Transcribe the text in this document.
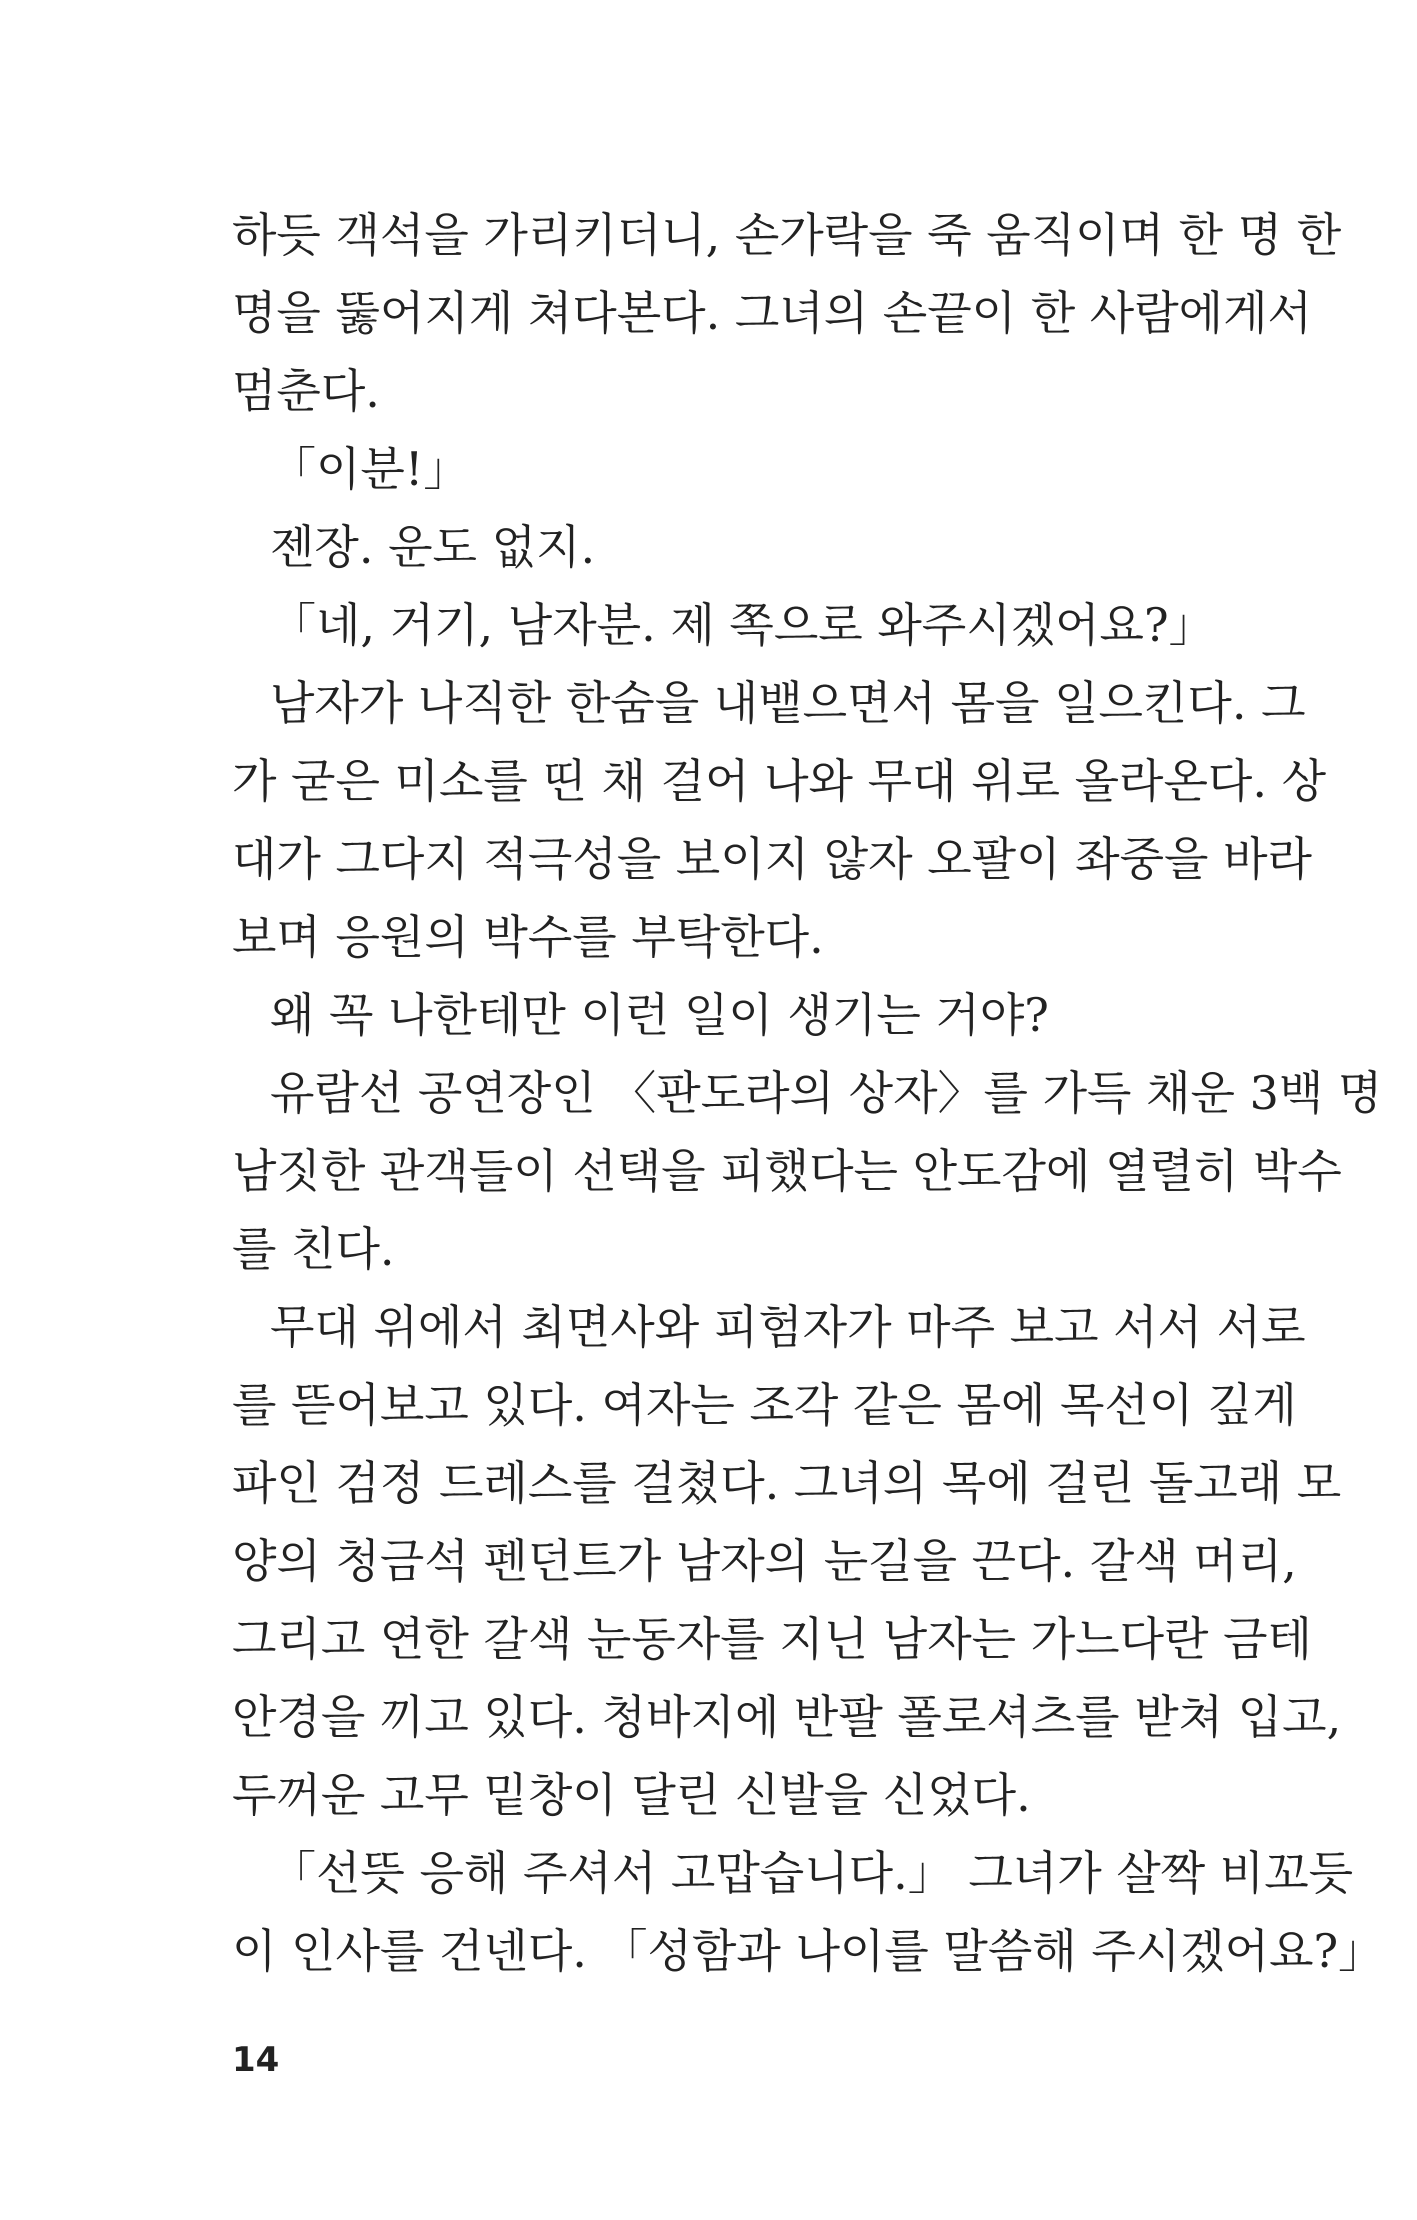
하듯 객석을 가리키더니, 손가락을 죽 움직이며 한 명 한
명을 뚫어지게 쳐다본다. 그녀의 손끝이 한 사람에게서
멈춘다.
「이분!」
젠장. 운도 없지.
「네, 거기, 남자분. 제 쪽으로 와주시겠어요?」
남자가 나직한 한숨을 내뱉으면서 몸을 일으킨다. 그
가 굳은 미소를 띤 채 걸어 나와 무대 위로 올라온다. 상
대가 그다지 적극성을 보이지 않자 오팔이 좌중을 바라
보며 응원의 박수를 부탁한다.
왜 꼭 나한테만 이런 일이 생기는 거야?
유람선 공연장인 〈판도라의 상자〉를 가득 채운 3백 명
남짓한 관객들이 선택을 피했다는 안도감에 열렬히 박수
를 친다.
무대 위에서 최면사와 피험자가 마주 보고 서서 서로
를 뜯어보고 있다. 여자는 조각 같은 몸에 목선이 깊게
파인 검정 드레스를 걸쳤다. 그녀의 목에 걸린 돌고래 모
양의 청금석 펜던트가 남자의 눈길을 끈다. 갈색 머리,
그리고 연한 갈색 눈동자를 지닌 남자는 가느다란 금테
안경을 끼고 있다. 청바지에 반팔 폴로셔츠를 받쳐 입고,
두꺼운 고무 밑창이 달린 신발을 신었다.
「선뜻 응해 주셔서 고맙습니다.」 그녀가 살짝 비꼬듯
이 인사를 건넨다. 「성함과 나이를 말씀해 주시겠어요?」
14
